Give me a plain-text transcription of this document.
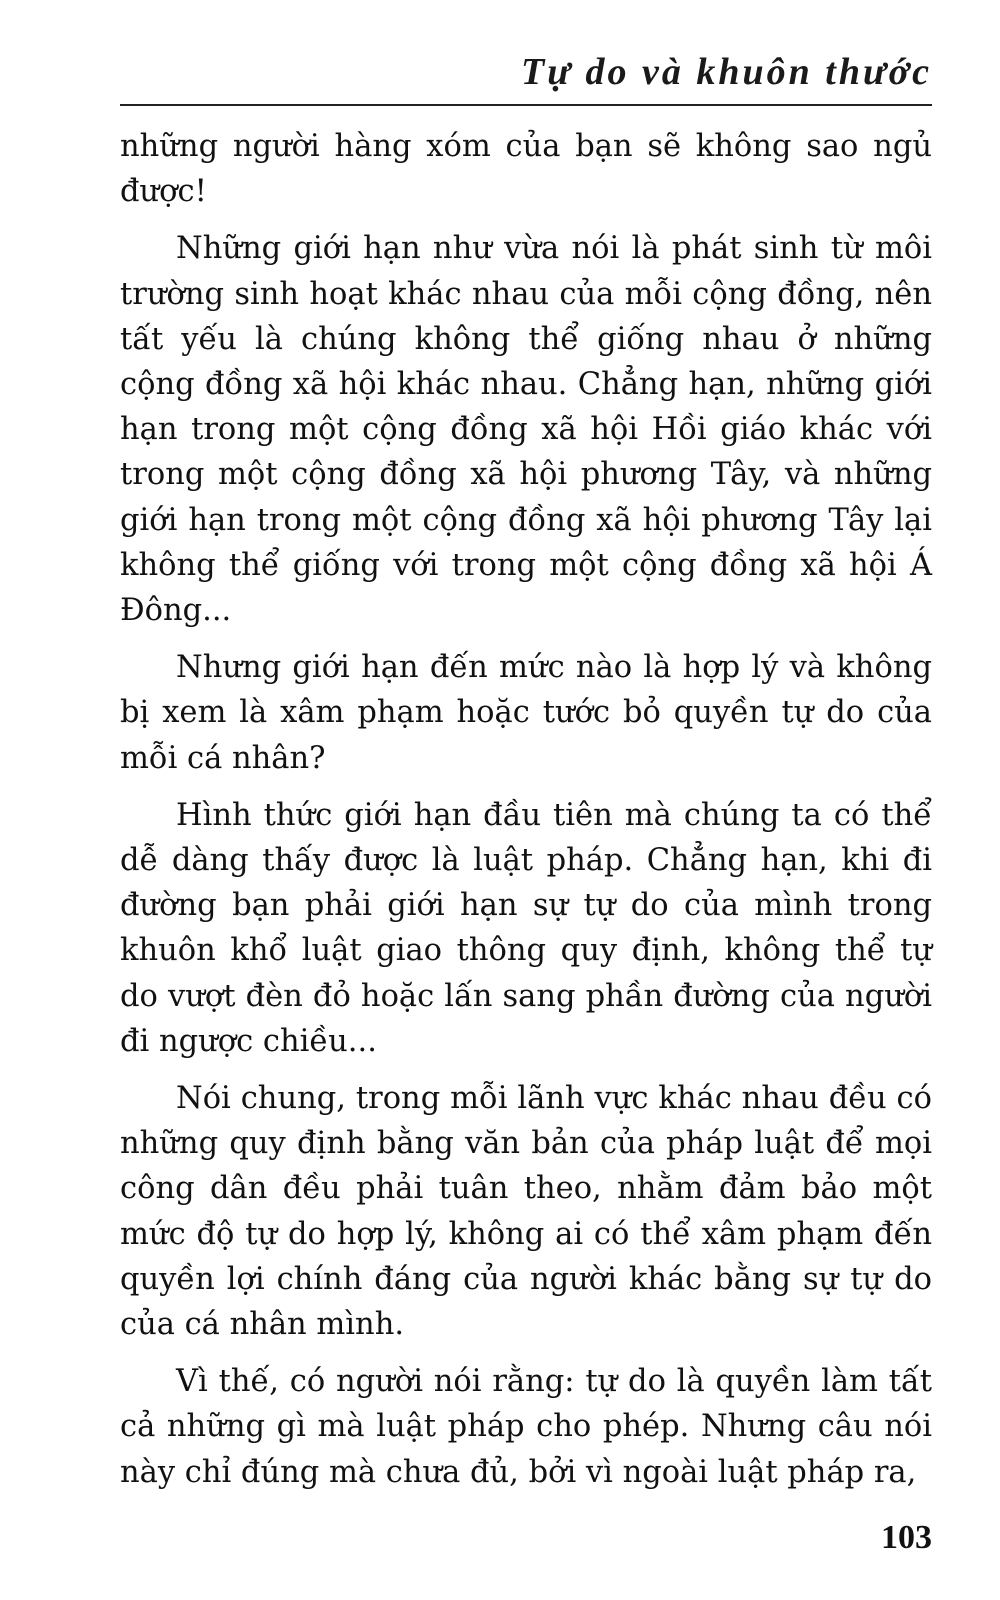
Tự do và khuôn thước

những người hàng xóm của bạn sẽ không sao ngủ được!

Những giới hạn như vừa nói là phát sinh từ môi trường sinh hoạt khác nhau của mỗi cộng đồng, nên tất yếu là chúng không thể giống nhau ở những cộng đồng xã hội khác nhau. Chẳng hạn, những giới hạn trong một cộng đồng xã hội Hồi giáo khác với trong một cộng đồng xã hội phương Tây, và những giới hạn trong một cộng đồng xã hội phương Tây lại không thể giống với trong một cộng đồng xã hội Á Đông...

Nhưng giới hạn đến mức nào là hợp lý và không bị xem là xâm phạm hoặc tước bỏ quyền tự do của mỗi cá nhân?

Hình thức giới hạn đầu tiên mà chúng ta có thể dễ dàng thấy được là luật pháp. Chẳng hạn, khi đi đường bạn phải giới hạn sự tự do của mình trong khuôn khổ luật giao thông quy định, không thể tự do vượt đèn đỏ hoặc lấn sang phần đường của người đi ngược chiều...

Nói chung, trong mỗi lãnh vực khác nhau đều có những quy định bằng văn bản của pháp luật để mọi công dân đều phải tuân theo, nhằm đảm bảo một mức độ tự do hợp lý, không ai có thể xâm phạm đến quyền lợi chính đáng của người khác bằng sự tự do của cá nhân mình.

Vì thế, có người nói rằng: tự do là quyền làm tất cả những gì mà luật pháp cho phép. Nhưng câu nói này chỉ đúng mà chưa đủ, bởi vì ngoài luật pháp ra,

103
